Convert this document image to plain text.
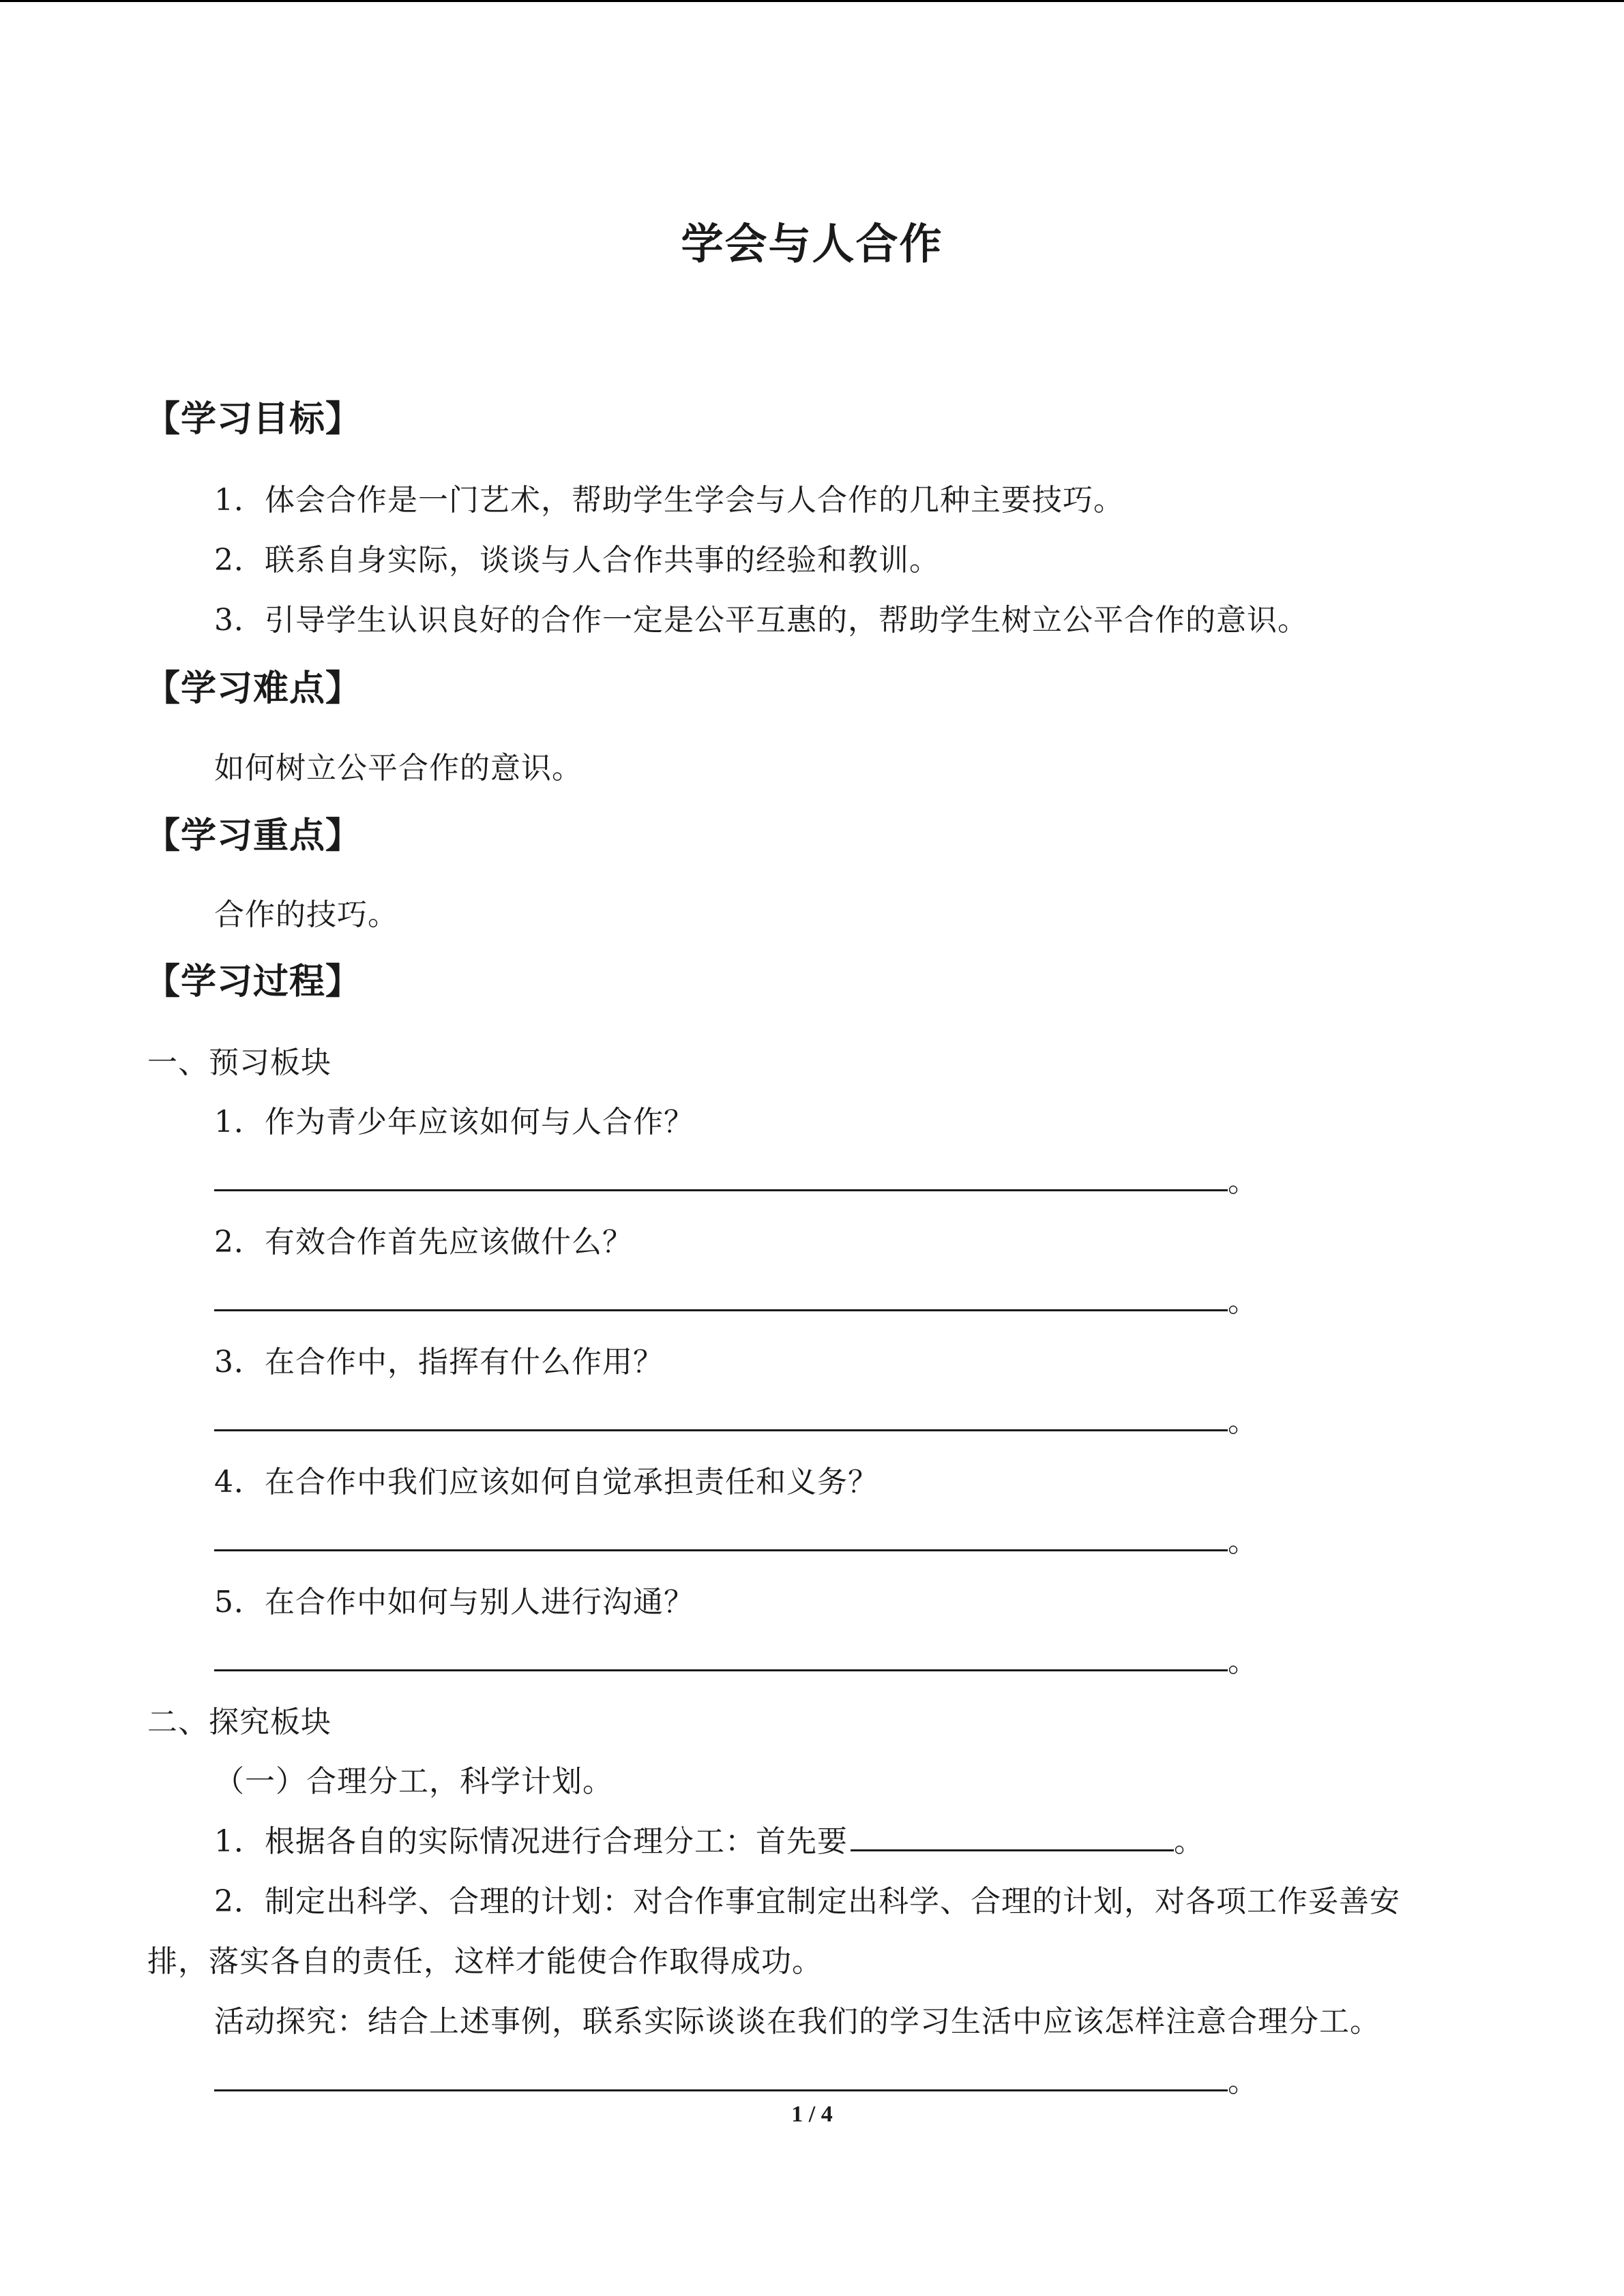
学会与人合作
【学习目标】
1．体会合作是一门艺术，帮助学生学会与人合作的几种主要技巧。
2．联系自身实际，谈谈与人合作共事的经验和教训。
3．引导学生认识良好的合作一定是公平互惠的，帮助学生树立公平合作的意识。
【学习难点】
如何树立公平合作的意识。
【学习重点】
合作的技巧。
【学习过程】
一、预习板块
1．作为青少年应该如何与人合作？
。
2．有效合作首先应该做什么？
。
3．在合作中，指挥有什么作用？
。
4．在合作中我们应该如何自觉承担责任和义务？
。
5．在合作中如何与别人进行沟通？
。
二、探究板块
（一）合理分工，科学计划。
1．根据各自的实际情况进行合理分工：首先要	。
2．制定出科学、合理的计划：对合作事宜制定出科学、合理的计划，对各项工作妥善安
排，落实各自的责任，这样才能使合作取得成功。
活动探究：结合上述事例，联系实际谈谈在我们的学习生活中应该怎样注意合理分工。
。
1 / 4
